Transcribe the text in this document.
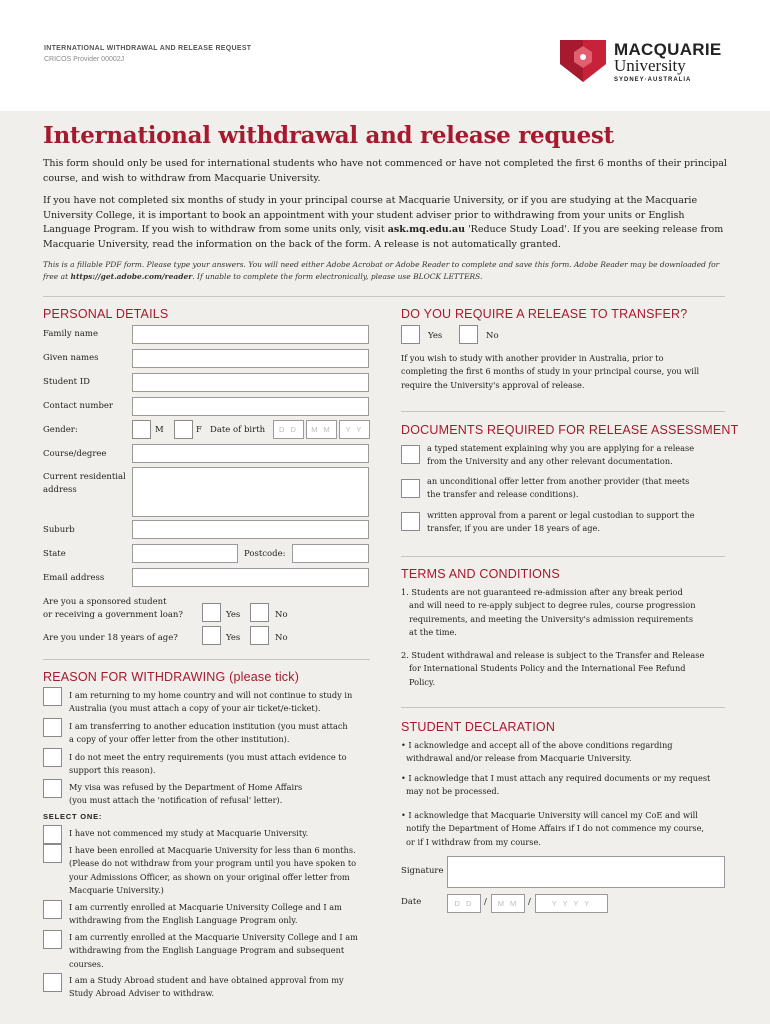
INTERNATIONAL WITHDRAWAL AND RELEASE REQUEST
CRICOS Provider 00002J
MACQUARIE
University
SYDNEY·AUSTRALIA
International withdrawal and release request

This form should only be used for international students who have not commenced or have not completed the first 6 months of their principal course, and wish to withdraw from Macquarie University.

If you have not completed six months of study in your principal course at Macquarie University, or if you are studying at the Macquarie University College, it is important to book an appointment with your student adviser prior to withdrawing from your units or English Language Program. If you wish to withdraw from some units only, visit ask.mq.edu.au 'Reduce Study Load'. If you are seeking release from Macquarie University, read the information on the back of the form. A release is not automatically granted.

This is a fillable PDF form. Please type your answers. You will need either Adobe Acrobat or Adobe Reader to complete and save this form. Adobe Reader may be downloaded for free at https://get.adobe.com/reader. If unable to complete the form electronically, please use BLOCK LETTERS.

PERSONAL DETAILS
Family name
Given names
Student ID
Contact number
Gender:	M	F Date of birth	D D	M M	Y Y
Course/degree
Current residential
address
Suburb
State	Postcode:
Email address
Are you a sponsored student
or receiving a government loan?	Yes	No
Are you under 18 years of age?	Yes	No
REASON FOR WITHDRAWING (please tick)
I am returning to my home country and will not continue to study in
Australia (you must attach a copy of your air ticket/e-ticket).
I am transferring to another education institution (you must attach
a copy of your offer letter from the other institution).
I do not meet the entry requirements (you must attach evidence to
support this reason).
My visa was refused by the Department of Home Affairs
(you must attach the 'notification of refusal' letter).
SELECT ONE:
I have not commenced my study at Macquarie University.
I have been enrolled at Macquarie University for less than 6 months.
(Please do not withdraw from your program until you have spoken to
your Admissions Officer, as shown on your original offer letter from
Macquarie University.)
I am currently enrolled at Macquarie University College and I am
withdrawing from the English Language Program only.
I am currently enrolled at the Macquarie University College and I am
withdrawing from the English Language Program and subsequent
courses.
I am a Study Abroad student and have obtained approval from my
Study Abroad Adviser to withdraw.
DO YOU REQUIRE A RELEASE TO TRANSFER?
Yes	No
If you wish to study with another provider in Australia, prior to
completing the first 6 months of study in your principal course, you will
require the University's approval of release.
DOCUMENTS REQUIRED FOR RELEASE ASSESSMENT
a typed statement explaining why you are applying for a release
from the University and any other relevant documentation.
an unconditional offer letter from another provider (that meets
the transfer and release conditions).
written approval from a parent or legal custodian to support the
transfer, if you are under 18 years of age.
TERMS AND CONDITIONS
1. Students are not guaranteed re-admission after any break period
and will need to re-apply subject to degree rules, course progression
requirements, and meeting the University's admission requirements
at the time.
2. Student withdrawal and release is subject to the Transfer and Release
for International Students Policy and the International Fee Refund
Policy.
STUDENT DECLARATION
• I acknowledge and accept all of the above conditions regarding
withdrawal and/or release from Macquarie University.
• I acknowledge that I must attach any required documents or my request
may not be processed.
• I acknowledge that Macquarie University will cancel my CoE and will
notify the Department of Home Affairs if I do not commence my course,
or if I withdraw from my course.
Signature
Date	D D	/	M M	/	Y Y Y Y
